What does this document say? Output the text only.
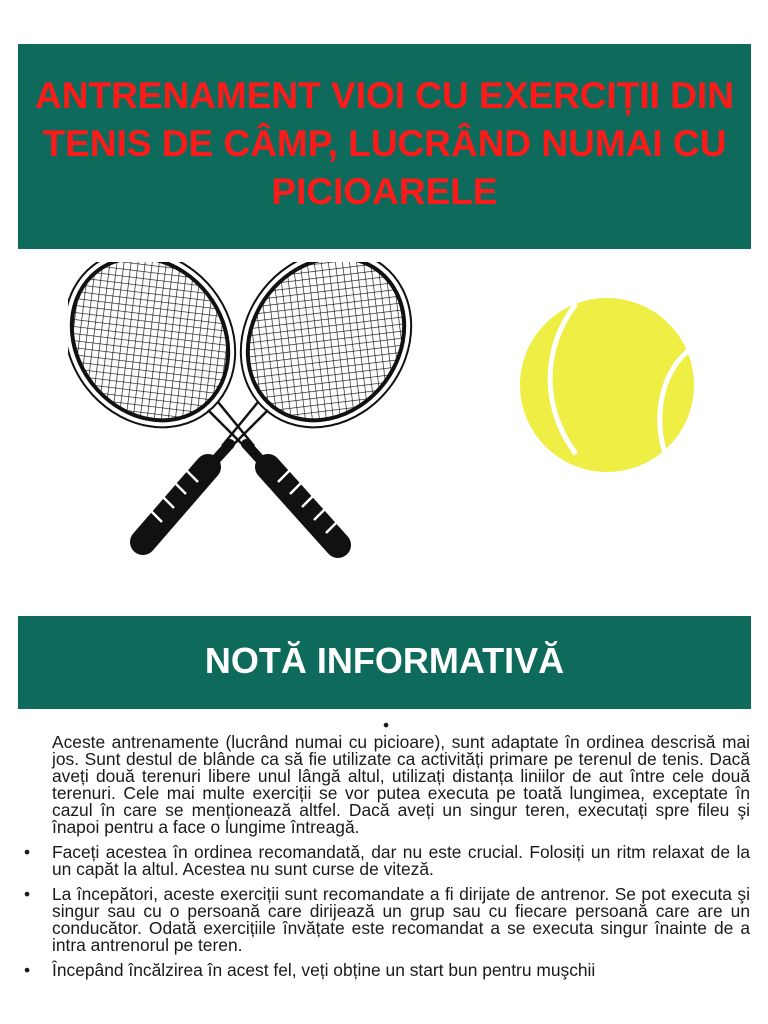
ANTRENAMENT VIOI CU EXERCIȚII DIN TENIS DE CÂMP, LUCRÂND NUMAI CU PICIOARELE
NOTĂ INFORMATIVĂ

•

Aceste antrenamente (lucrând numai cu picioare), sunt adaptate în ordinea descrisă mai jos. Sunt destul de blânde ca să fie utilizate ca activități primare pe terenul de tenis. Dacă aveți două terenuri libere unul lângă altul, utilizați distanța liniilor de aut între cele două terenuri. Cele mai multe exerciții se vor putea executa pe toată lungimea, exceptate în cazul în care se menționează altfel. Dacă aveți un singur teren, executați spre fileu şi înapoi pentru a face o lungime întreagă.

• Faceți acestea în ordinea recomandată, dar nu este crucial. Folosiți un ritm relaxat de la un capăt la altul. Acestea nu sunt curse de viteză.

• La începători, aceste exerciții sunt recomandate a fi dirijate de antrenor. Se pot executa şi singur sau cu o persoană care dirijează un grup sau cu fiecare persoană care are un conducător. Odată exercițiile învățate este recomandat a se executa singur înainte de a intra antrenorul pe teren.

• Începând încălzirea în acest fel, veți obține un start bun pentru muşchii
